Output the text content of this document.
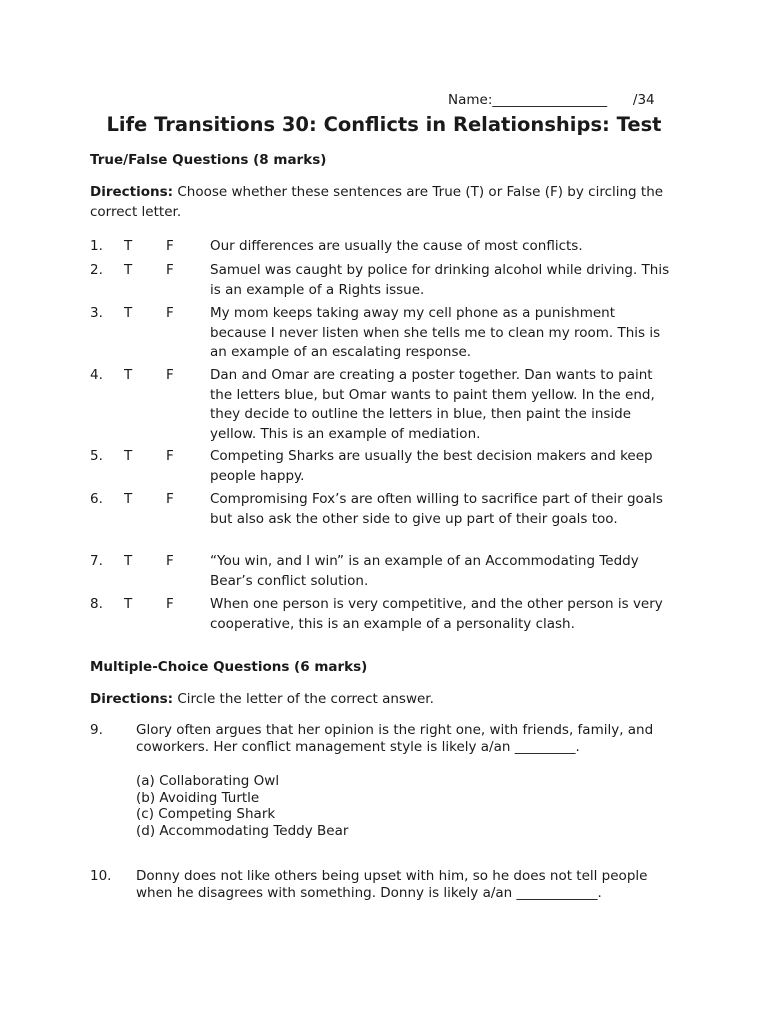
Name:_________________ /34
Life Transitions 30: Conflicts in Relationships: Test
True/False Questions (8 marks)
Directions: Choose whether these sentences are True (T) or False (F) by circling the correct letter.
1. T	F	Our differences are usually the cause of most conflicts.
2. T	F	Samuel was caught by police for drinking alcohol while driving. This is an example of a Rights issue.
3. T	F	My mom keeps taking away my cell phone as a punishment because I never listen when she tells me to clean my room. This is an example of an escalating response.
4. T	F	Dan and Omar are creating a poster together. Dan wants to paint the letters blue, but Omar wants to paint them yellow. In the end, they decide to outline the letters in blue, then paint the inside yellow. This is an example of mediation.
5. T	F	Competing Sharks are usually the best decision makers and keep people happy.
6. T	F	Compromising Fox’s are often willing to sacrifice part of their goals but also ask the other side to give up part of their goals too.
7. T	F	“You win, and I win” is an example of an Accommodating Teddy Bear’s conflict solution.
8. T	F	When one person is very competitive, and the other person is very cooperative, this is an example of a personality clash.
Multiple-Choice Questions (6 marks)
Directions: Circle the letter of the correct answer.
9. Glory often argues that her opinion is the right one, with friends, family, and coworkers. Her conflict management style is likely a/an _________.
(a) Collaborating Owl
(b) Avoiding Turtle
(c) Competing Shark
(d) Accommodating Teddy Bear
10. Donny does not like others being upset with him, so he does not tell people when he disagrees with something. Donny is likely a/an ____________.
